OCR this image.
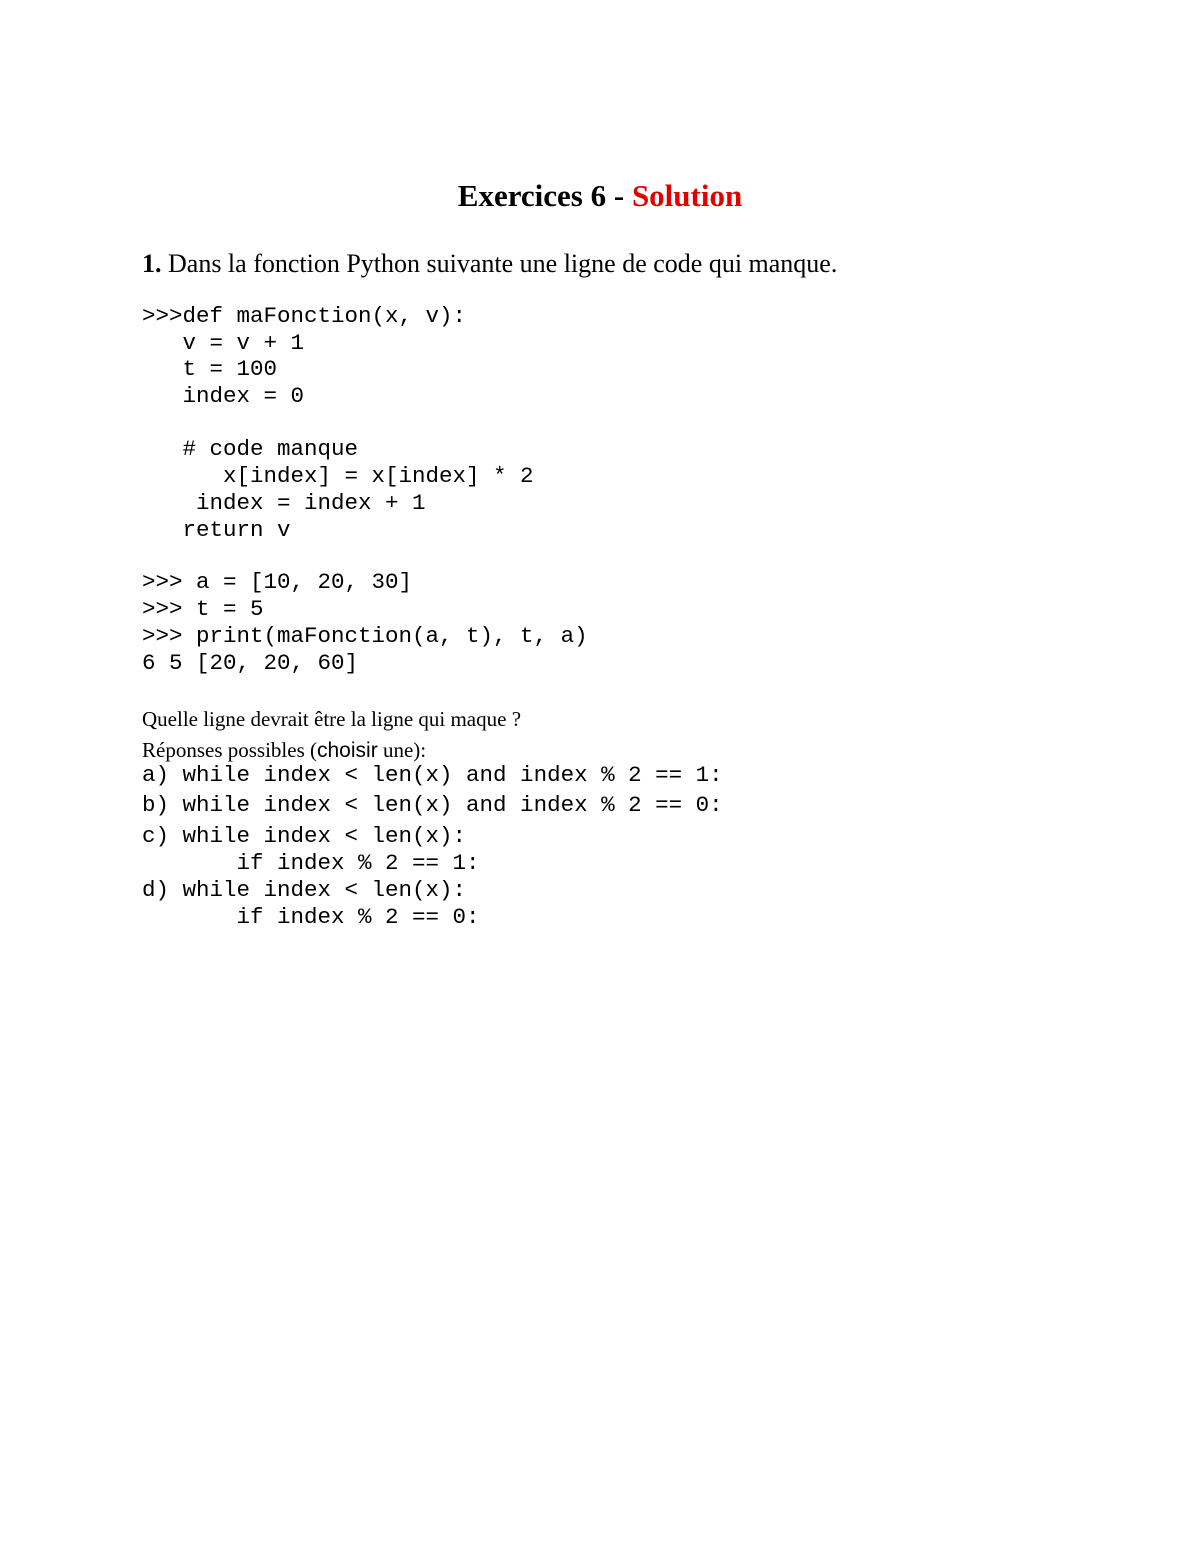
Exercices 6 - Solution
1. Dans la fonction Python suivante une ligne de code qui manque.
>>>def maFonction(x, v):
v = v + 1
t = 100
index = 0
# code manque
x[index] = x[index] * 2
index = index + 1
return v
>>> a = [10, 20, 30]
>>> t = 5
>>> print(maFonction(a, t), t, a)
6 5 [20, 20, 60]
Quelle ligne devrait être la ligne qui maque ?
Réponses possibles (choisir une):
a) while index < len(x) and index % 2 == 1:
b) while index < len(x) and index % 2 == 0:
c) while index < len(x):
if index % 2 == 1:
d) while index < len(x):
if index % 2 == 0:
